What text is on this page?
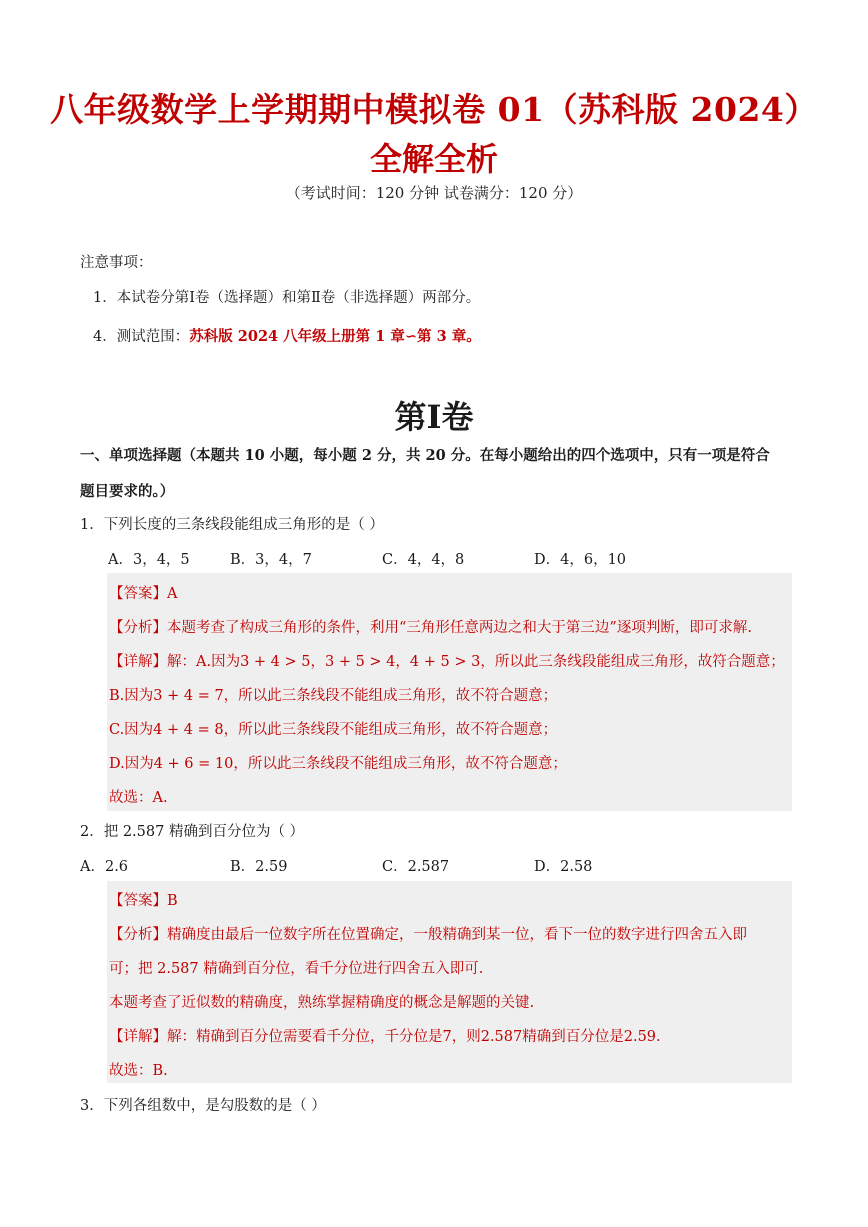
八年级数学上学期期中模拟卷 01（苏科版 2024）
全解全析
（考试时间：120 分钟 试卷满分：120 分）
注意事项：
1．本试卷分第Ⅰ卷（选择题）和第Ⅱ卷（非选择题）两部分。
4．测试范围：苏科版 2024 八年级上册第 1 章∽第 3 章。
第Ⅰ卷
一、单项选择题（本题共 10 小题，每小题 2 分，共 20 分。在每小题给出的四个选项中，只有一项是符合
题目要求的。）
1．下列长度的三条线段能组成三角形的是（ ）
A．3，4，5	B．3，4，7	C．4，4，8	D．4，6，10
【答案】A
【分析】本题考查了构成三角形的条件，利用“三角形任意两边之和大于第三边”逐项判断，即可求解.
【详解】解：A.因为3 + 4 > 5，3 + 5 > 4，4 + 5 > 3，所以此三条线段能组成三角形，故符合题意；
B.因为3 + 4 = 7，所以此三条线段不能组成三角形，故不符合题意；
C.因为4 + 4 = 8，所以此三条线段不能组成三角形，故不符合题意；
D.因为4 + 6 = 10，所以此三条线段不能组成三角形，故不符合题意；
故选：A.
2．把 2.587 精确到百分位为（ ）
A．2.6	B．2.59	C．2.587	D．2.58
【答案】B
【分析】精确度由最后一位数字所在位置确定，一般精确到某一位，看下一位的数字进行四舍五入即
可；把 2.587 精确到百分位，看千分位进行四舍五入即可.
本题考查了近似数的精确度，熟练掌握精确度的概念是解题的关键.
【详解】解：精确到百分位需要看千分位，千分位是7，则2.587精确到百分位是2.59.
故选：B.
3．下列各组数中，是勾股数的是（ ）
